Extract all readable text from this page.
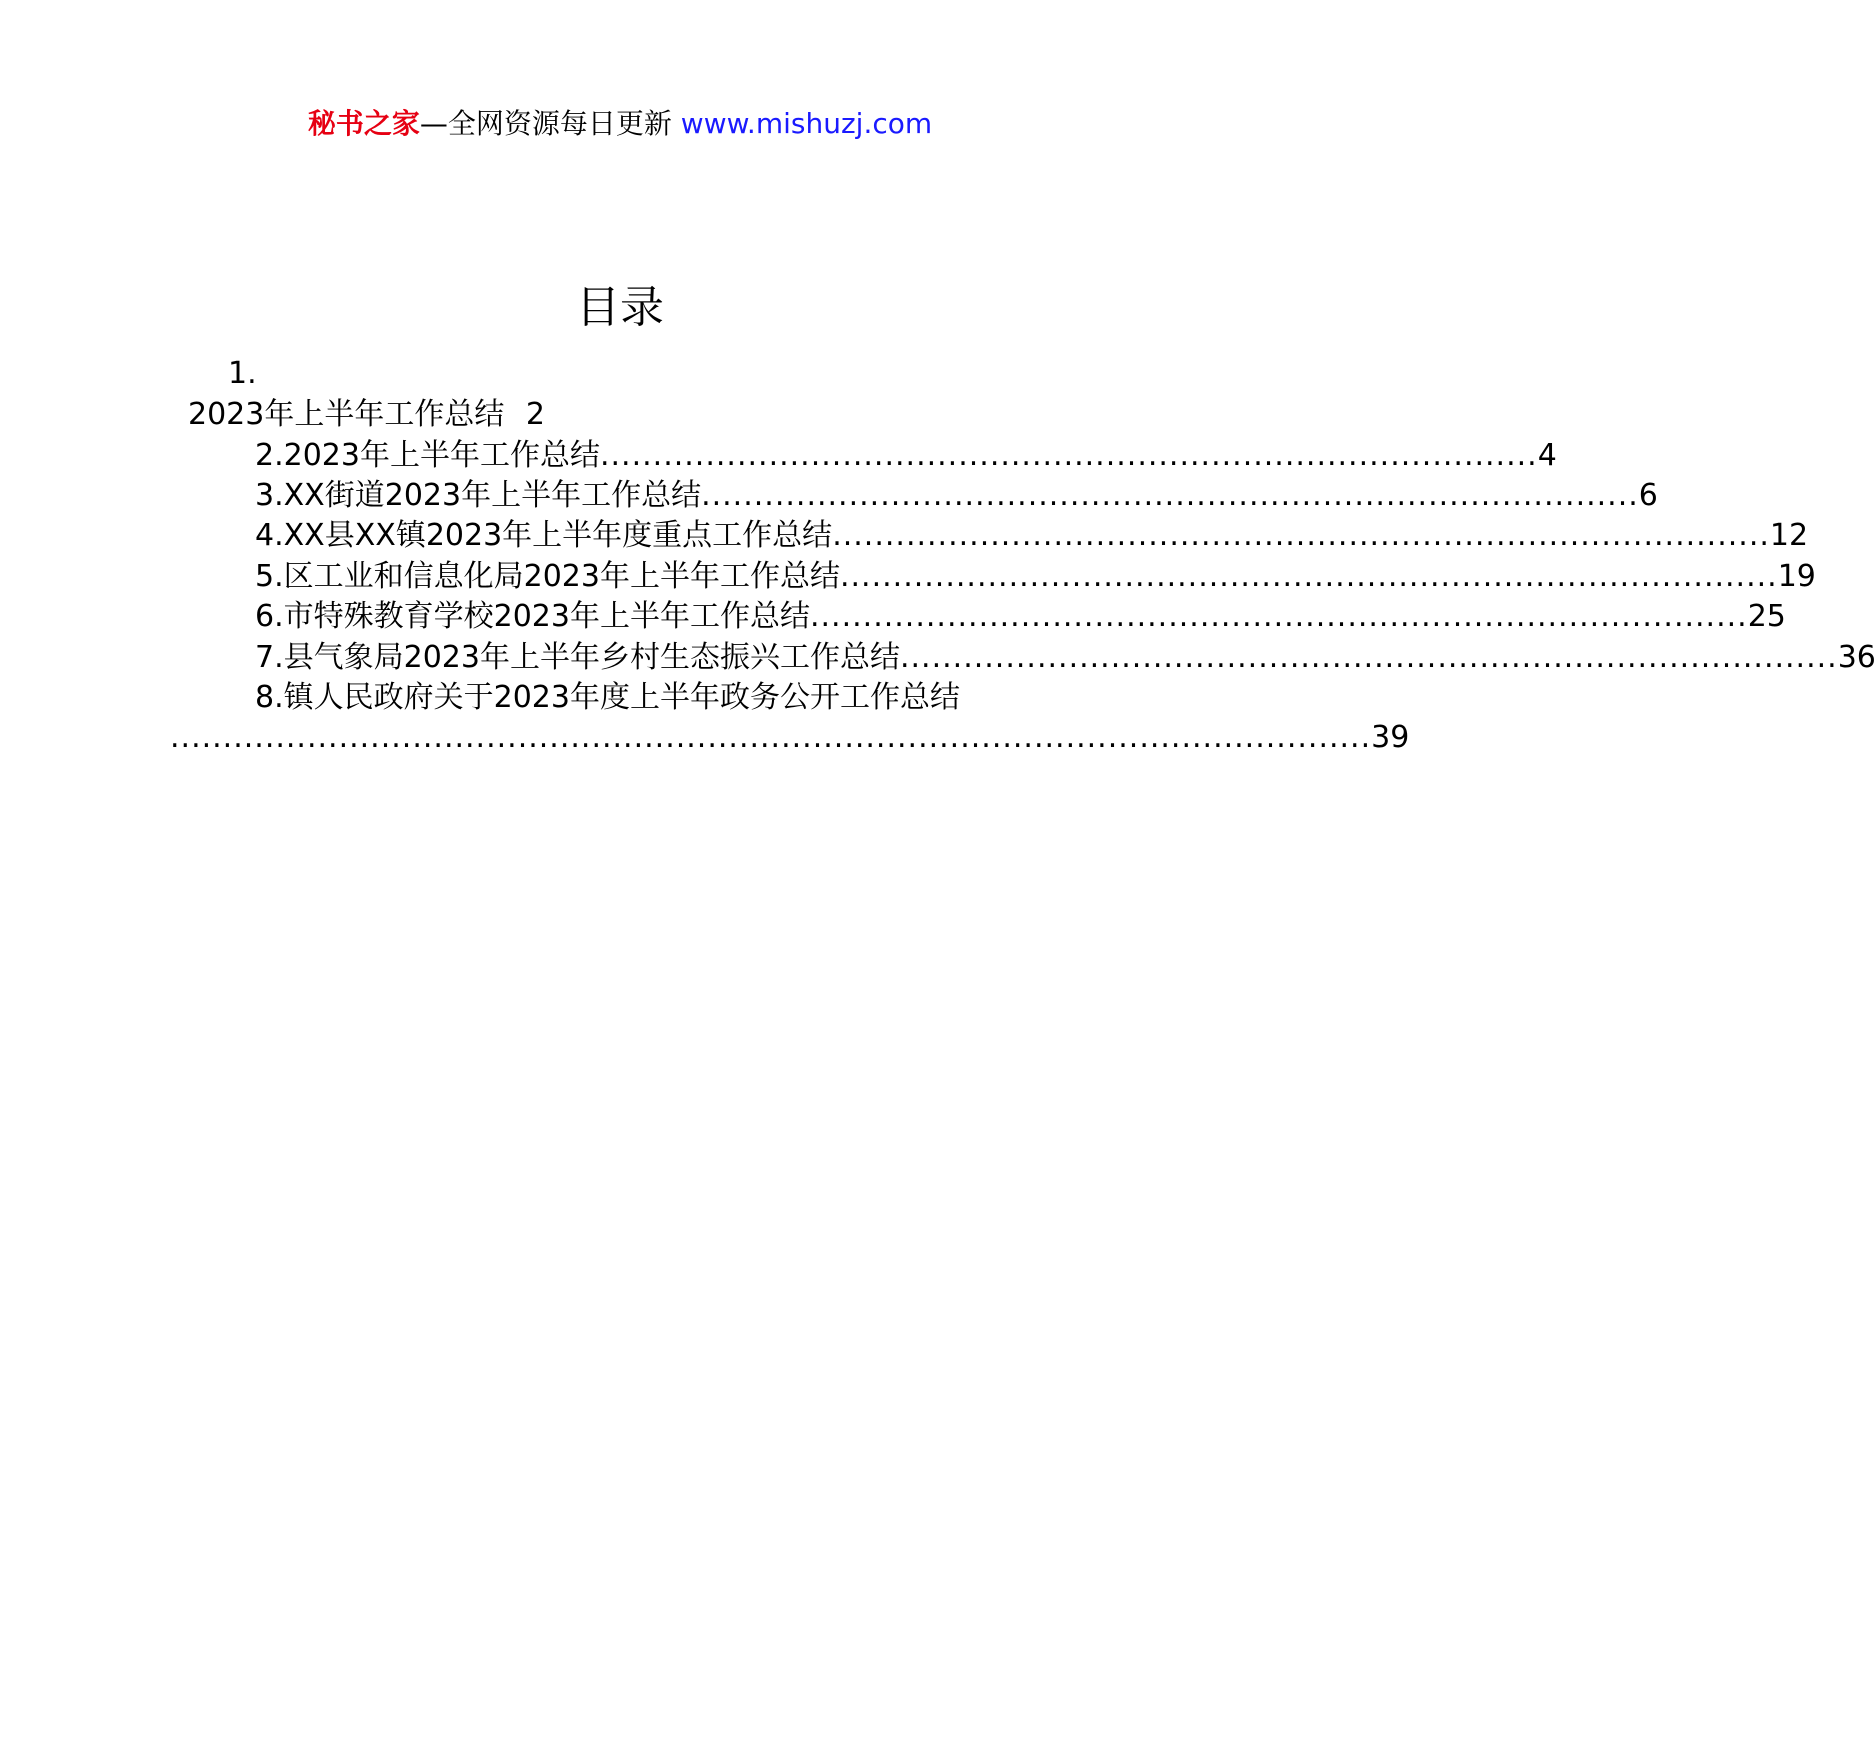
秘书之家—全网资源每日更新 www.mishuzj.com
目录
1.
2023年上半年工作总结 2
2.2023年上半年工作总结 ......................................................................................... 4
3.XX街道2023年上半年工作总结 ......................................................................................... 6
4.XX县XX镇2023年上半年度重点工作总结 ......................................................................................... 12
5.区工业和信息化局2023年上半年工作总结 ......................................................................................... 19
6.市特殊教育学校2023年上半年工作总结 ......................................................................................... 25
7.县气象局2023年上半年乡村生态振兴工作总结 ......................................................................................... 36
8.镇人民政府关于2023年度上半年政务公开工作总结
.................................................................................................................. 39
